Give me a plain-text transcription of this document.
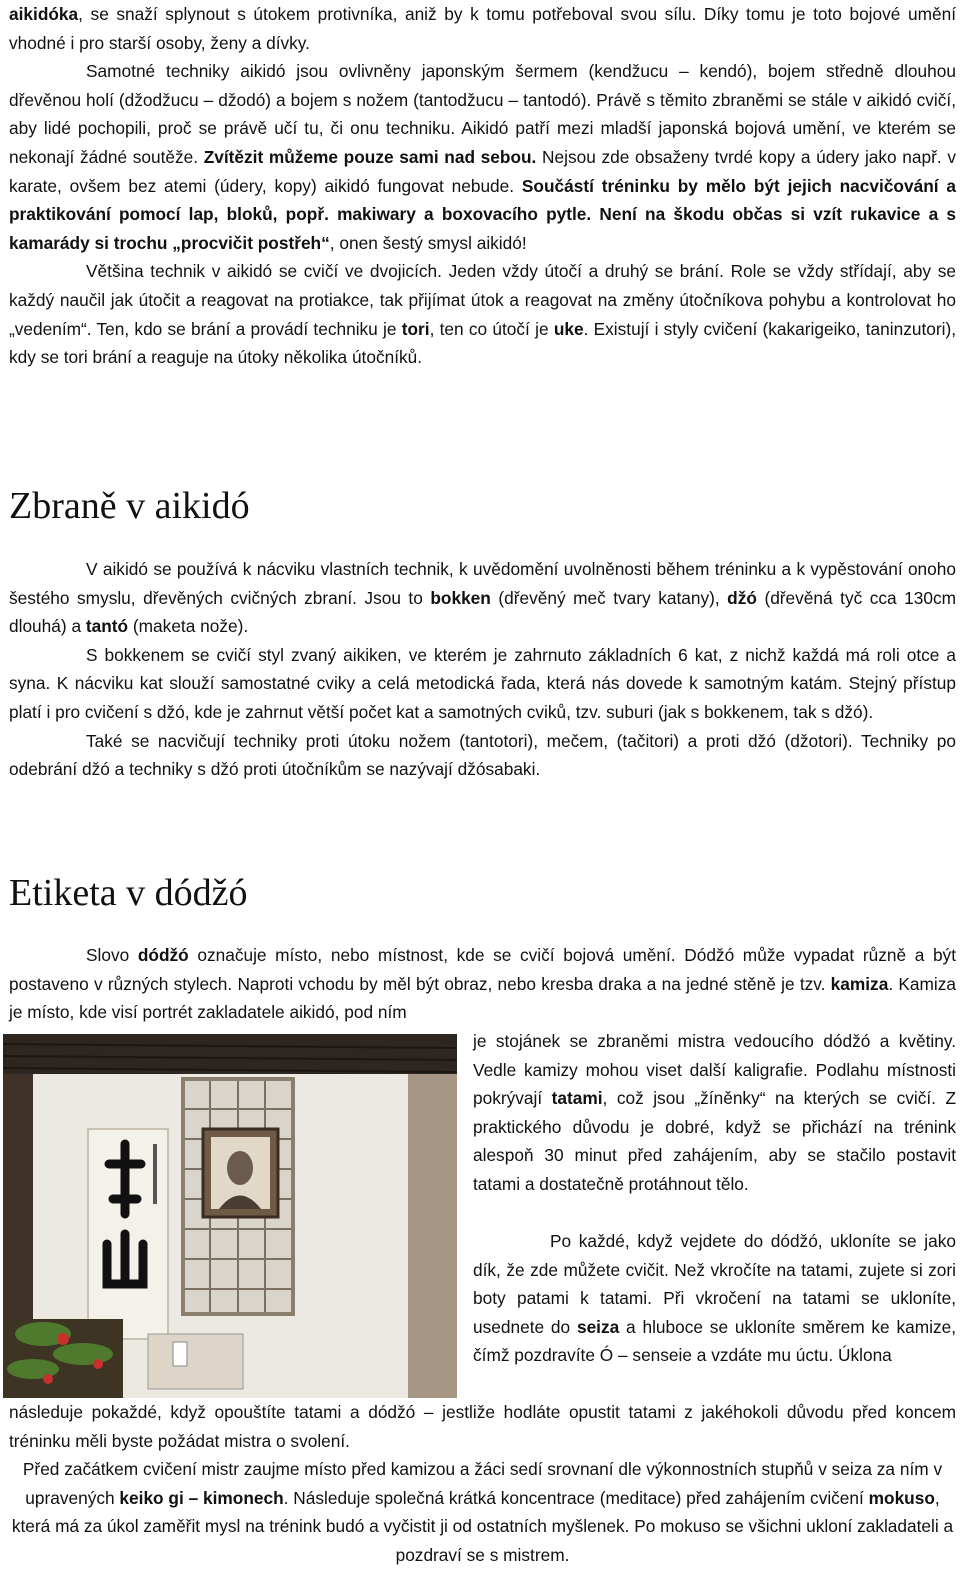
aikidóka, se snaží splynout s útokem protivníka, aniž by k tomu potřeboval svou sílu. Díky tomu je toto bojové umění vhodné i pro starší osoby, ženy a dívky.

Samotné techniky aikidó jsou ovlivněny japonským šermem (kendžucu – kendó), bojem středně dlouhou dřevěnou holí (džodžucu – džodó) a bojem s nožem (tantodžucu – tantodó). Právě s těmito zbraněmi se stále v aikidó cvičí, aby lidé pochopili, proč se právě učí tu, či onu techniku. Aikidó patří mezi mladší japonská bojová umění, ve kterém se nekonají žádné soutěže. Zvítězit můžeme pouze sami nad sebou. Nejsou zde obsaženy tvrdé kopy a údery jako např. v karate, ovšem bez atemi (údery, kopy) aikidó fungovat nebude. Součástí tréninku by mělo být jejich nacvičování a praktikování pomocí lap, bloků, popř. makiwary a boxovacího pytle. Není na škodu občas si vzít rukavice a s kamarády si trochu „procvičit postřeh“, onen šestý smysl aikidó!

Většina technik v aikidó se cvičí ve dvojicích. Jeden vždy útočí a druhý se brání. Role se vždy střídají, aby se každý naučil jak útočit a reagovat na protiakce, tak přijímat útok a reagovat na změny útočníkova pohybu a kontrolovat ho „vedením“. Ten, kdo se brání a provádí techniku je tori, ten co útočí je uke. Existují i styly cvičení (kakarigeiko, taninzutori), kdy se tori brání a reaguje na útoky několika útočníků.

Zbraně v aikidó

V aikidó se používá k nácviku vlastních technik, k uvědomění uvolněnosti během tréninku a k vypěstování onoho šestého smyslu, dřevěných cvičných zbraní. Jsou to bokken (dřevěný meč tvary katany), džó (dřevěná tyč cca 130cm dlouhá) a tantó (maketa nože).

S bokkenem se cvičí styl zvaný aikiken, ve kterém je zahrnuto základních 6 kat, z nichž každá má roli otce a syna. K nácviku kat slouží samostatné cviky a celá metodická řada, která nás dovede k samotným katám. Stejný přístup platí i pro cvičení s džó, kde je zahrnut větší počet kat a samotných cviků, tzv. suburi (jak s bokkenem, tak s džó).

Také se nacvičují techniky proti útoku nožem (tantotori), mečem, (tačitori) a proti džó (džotori). Techniky po odebrání džó a techniky s džó proti útočníkům se nazývají džósabaki.

Etiketa v dódžó

Slovo dódžó označuje místo, nebo místnost, kde se cvičí bojová umění. Dódžó může vypadat různě a být postaveno v různých stylech. Naproti vchodu by měl být obraz, nebo kresba draka a na jedné stěně je tzv. kamiza. Kamiza je místo, kde visí portrét zakladatele aikidó, pod ním

je stojánek se zbraněmi mistra vedoucího dódžó a květiny. Vedle kamizy mohou viset další kaligrafie. Podlahu místnosti pokrývají tatami, což jsou „žíněnky“ na kterých se cvičí. Z praktického důvodu je dobré, když se přichází na trénink alespoň 30 minut před zahájením, aby se stačilo postavit tatami a dostatečně protáhnout tělo.

Po každé, když vejdete do dódžó, ukloníte se jako dík, že zde můžete cvičit. Než vkročíte na tatami, zujete si zori boty patami k tatami. Při vkročení na tatami se ukloníte, usednete do seiza a hluboce se ukloníte směrem ke kamize, čímž pozdravíte Ó – senseie a vzdáte mu úctu. Úklona

následuje pokaždé, když opouštíte tatami a dódžó – jestliže hodláte opustit tatami z jakéhokoli důvodu před koncem tréninku měli byste požádat mistra o svolení.
Před začátkem cvičení mistr zaujme místo před kamizou a žáci sedí srovnaní dle výkonnostních stupňů v seiza za ním v upravených keiko gi – kimonech. Následuje společná krátká koncentrace (meditace) před zahájením cvičení mokuso, která má za úkol zaměřit mysl na trénink budó a vyčistit ji od ostatních myšlenek. Po mokuso se všichni ukloní zakladateli a pozdraví se s mistrem.
